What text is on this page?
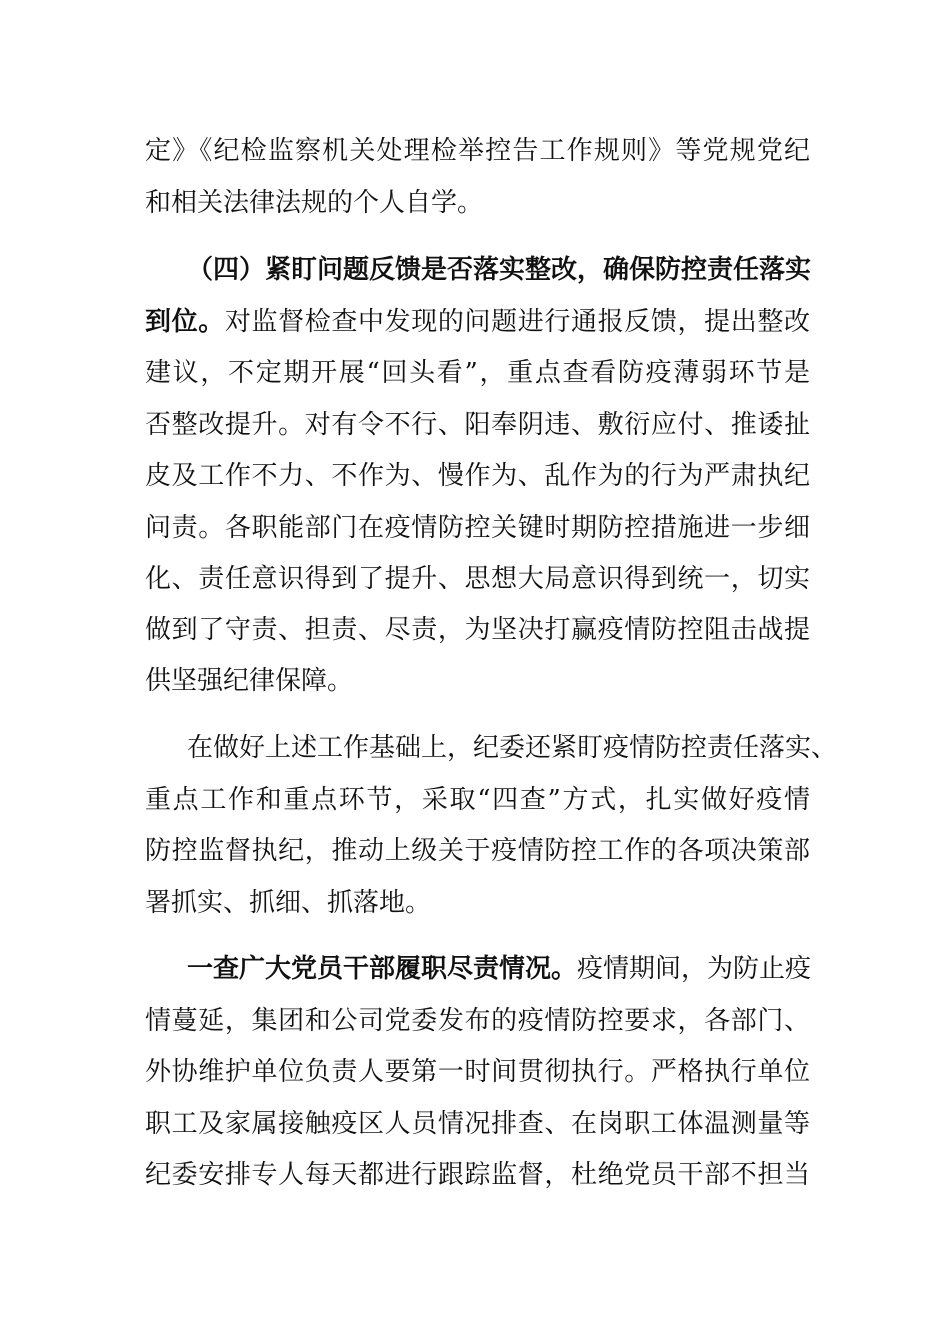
定》《纪检监察机关处理检举控告工作规则》等党规党纪
和相关法律法规的个人自学。
（四）紧盯问题反馈是否落实整改，确保防控责任落实
到位。对监督检查中发现的问题进行通报反馈，提出整改
建议，不定期开展“回头看”，重点查看防疫薄弱环节是
否整改提升。对有令不行、阳奉阴违、敷衍应付、推诿扯
皮及工作不力、不作为、慢作为、乱作为的行为严肃执纪
问责。各职能部门在疫情防控关键时期防控措施进一步细
化、责任意识得到了提升、思想大局意识得到统一，切实
做到了守责、担责、尽责，为坚决打赢疫情防控阻击战提
供坚强纪律保障。
在做好上述工作基础上，纪委还紧盯疫情防控责任落实、
重点工作和重点环节，采取“四查”方式，扎实做好疫情
防控监督执纪，推动上级关于疫情防控工作的各项决策部
署抓实、抓细、抓落地。
一查广大党员干部履职尽责情况。疫情期间，为防止疫
情蔓延，集团和公司党委发布的疫情防控要求，各部门、
外协维护单位负责人要第一时间贯彻执行。严格执行单位
职工及家属接触疫区人员情况排查、在岗职工体温测量等
纪委安排专人每天都进行跟踪监督，杜绝党员干部不担当
